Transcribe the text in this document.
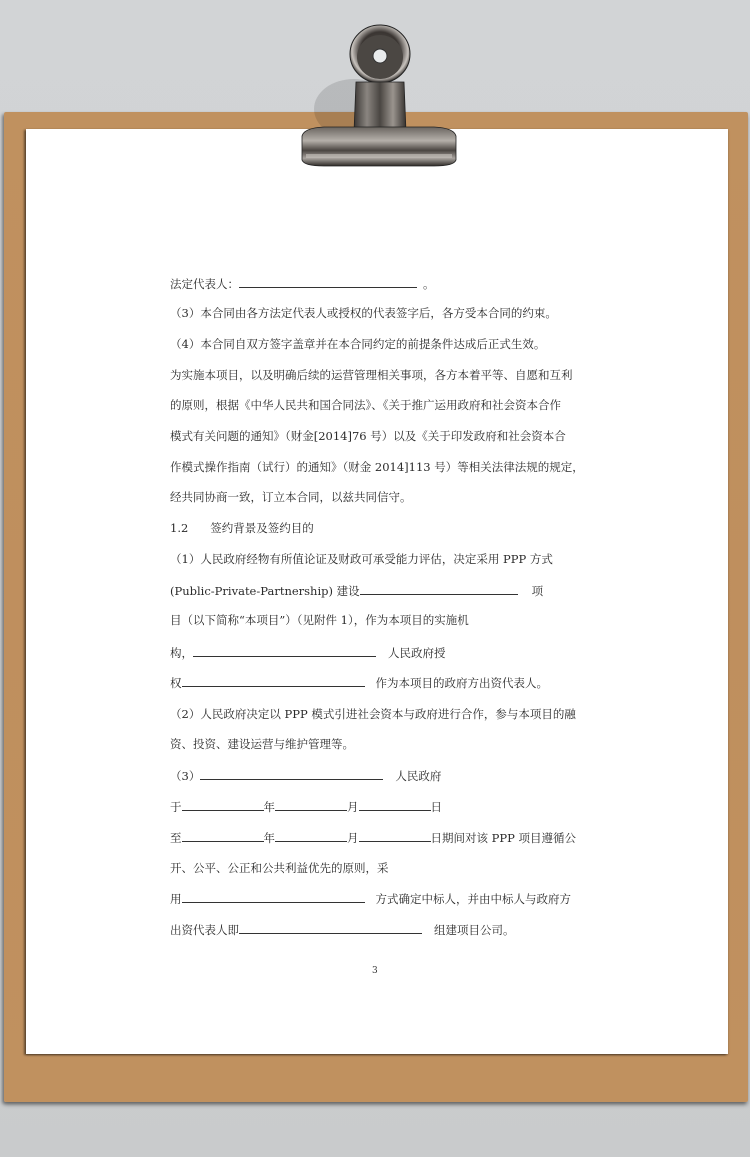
法定代表人：	。
（3）本合同由各方法定代表人或授权的代表签字后，各方受本合同的约束。
（4）本合同自双方签字盖章并在本合同约定的前提条件达成后正式生效。
为实施本项目，以及明确后续的运营管理相关事项，各方本着平等、自愿和互利
的原则，根据《中华人民共和国合同法》、《关于推广运用政府和社会资本合作
模式有关问题的通知》（财金[2014]76 号）以及《关于印发政府和社会资本合
作模式操作指南（试行）的通知》（财金 2014]113 号）等相关法律法规的规定，
经共同协商一致，订立本合同，以兹共同信守。
1.2 签约背景及签约目的
（1）人民政府经物有所值论证及财政可承受能力评估，决定采用 PPP 方式
(Public-Private-Partnership) 建设	项
目（以下简称“本项目”）（见附件 1），作为本项目的实施机
构，	人民政府授
权	作为本项目的政府方出资代表人。
（2）人民政府决定以 PPP 模式引进社会资本与政府进行合作，参与本项目的融
资、投资、建设运营与维护管理等。
（3）	人民政府
于	年	月	日
至	年	月	日期间对该 PPP 项目遵循公
开、公平、公正和公共利益优先的原则，采
用	方式确定中标人，并由中标人与政府方
出资代表人即	组建项目公司。
3
